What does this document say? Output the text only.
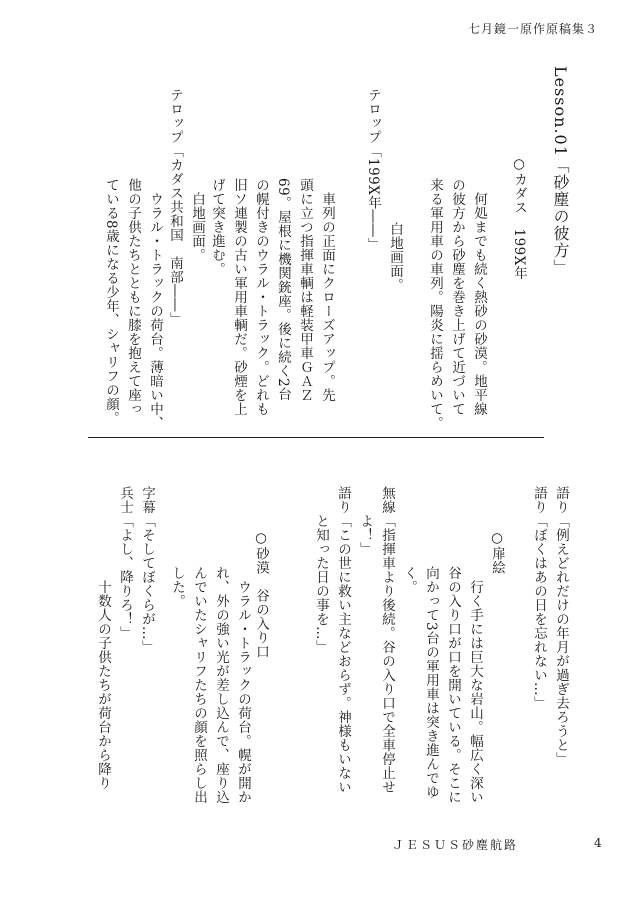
七月鏡一原作原稿集３
Lesson.01「砂塵の彼方」
○カダス　199X年
　何処までも続く熱砂の砂漠。地平線
の彼方から砂塵を巻き上げて近づいて
来る軍用車の車列。陽炎に揺らめいて。
　白地画面。
テロップ「199X年――」
　車列の正面にクローズアップ。先
頭に立つ指揮車輌は軽装甲車ＧＡＺ
69。屋根に機関銃座。後に続く2台
の幌付きのウラル・トラック。どれも
旧ソ連製の古い軍用車輌だ。砂煙を上
げて突き進む。
　白地画面。
テロップ「カダス共和国　南部――」
　ウラル・トラックの荷台。薄暗い中、
他の子供たちとともに膝を抱えて座っ
ている8歳になる少年、シャリフの顔。
語り「ぼくはあの日を忘れない…」 語り「例えどれだけの年月が過ぎ去ろうと」
○扉絵
　行く手には巨大な岩山。幅広く深い
谷の入り口が口を開いている。そこに
向かって3台の軍用車は突き進んでゆ
く。
無線「指揮車より後続。谷の入り口で全車停止せ
　　よ！」
語り「この世に救い主などおらず。神様もいない
　　と知った日の事を…」
○砂漠　谷の入り口
　ウラル・トラックの荷台。幌が開か
れ、外の強い光が差し込んで、座り込
んでいたシャリフたちの顔を照らし出
した。
字幕「そしてぼくらが…」
兵士「よし、降りろ！」
　十数人の子供たちが荷台から降り
ＪＥＳＵＳ砂塵航路	4
